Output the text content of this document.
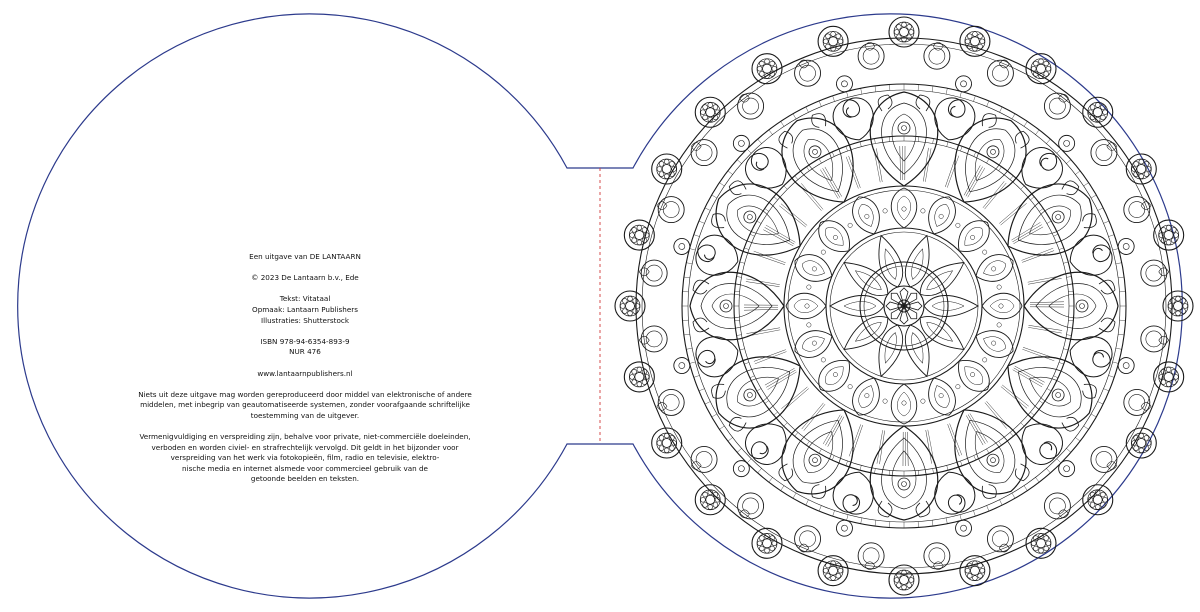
Een uitgave van DE LANTAARN

© 2023 De Lantaarn b.v., Ede

Tekst: Vitataal
Opmaak: Lantaarn Publishers
Illustraties: Shutterstock

ISBN 978-94-6354-893-9
NUR 476

www.lantaarnpublishers.nl

Niets uit deze uitgave mag worden gereproduceerd door middel van elektronische of andere
middelen, met inbegrip van geautomatiseerde systemen, zonder voorafgaande schriftelijke
toestemming van de uitgever.

Vermenigvuldiging en verspreiding zijn, behalve voor private, niet-commerciële doeleinden,
verboden en worden civiel- en strafrechtelijk vervolgd. Dit geldt in het bijzonder voor
verspreiding van het werk via fotokopieën, film, radio en televisie, elektro-
nische media en internet alsmede voor commercieel gebruik van de
getoonde beelden en teksten.
